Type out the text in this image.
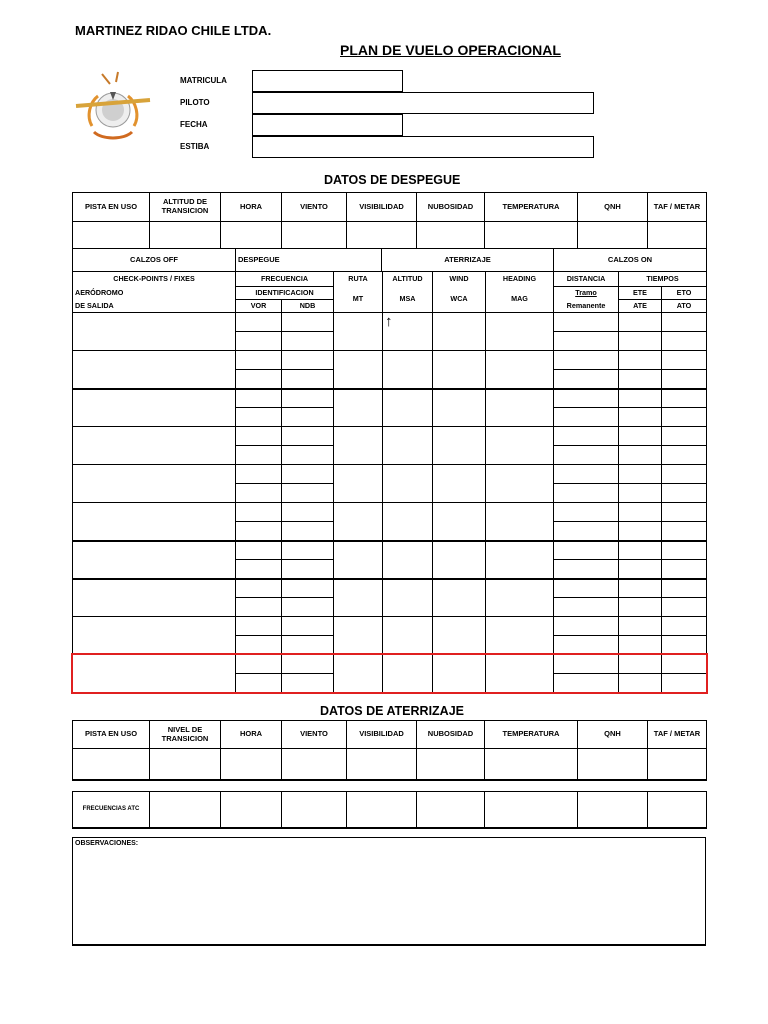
MARTINEZ RIDAO CHILE LTDA.
PLAN DE VUELO OPERACIONAL
MATRICULA
PILOTO
FECHA
ESTIBA
DATOS DE DESPEGUE
PISTA EN USO	ALTITUD DE TRANSICION	HORA	VIENTO	VISIBILIDAD	NUBOSIDAD	TEMPERATURA	QNH	TAF / METAR

CALZOS OFF	DESPEGUE	ATERRIZAJE	CALZOS ON
CHECK-POINTS / FIXES	FRECUENCIA		RUTA	ALTITUD	WIND	HEADING	DISTANCIA	TIEMPOS	
AERÓDROMO	IDENTIFICACION		MT	MSA	WCA	MAG	Tramo	ETE	ETO
DE SALIDA	VOR	NDB					Remanente	ATE	ATO
				↑					

DATOS DE ATERRIZAJE
PISTA EN USO	NIVEL DE TRANSICION	HORA	VIENTO	VISIBILIDAD	NUBOSIDAD	TEMPERATURA	QNH	TAF / METAR

FRECUENCIAS ATC								
OBSERVACIONES:
